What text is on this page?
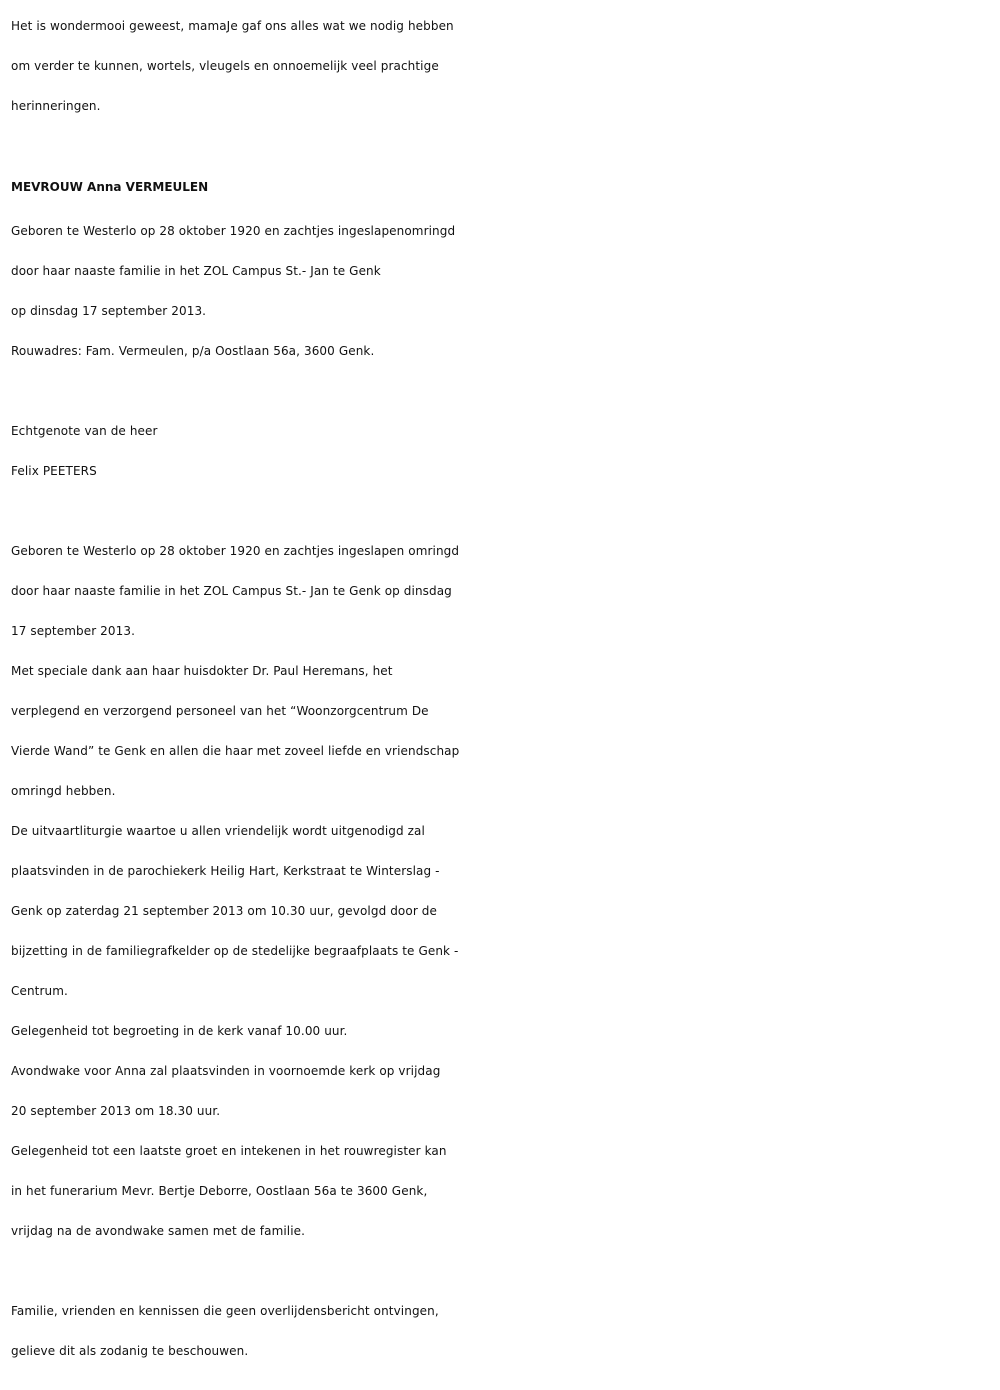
Het is wondermooi geweest, mamaJe gaf ons alles wat we nodig hebben
om verder te kunnen, wortels, vleugels en onnoemelijk veel prachtige
herinneringen.
MEVROUW Anna VERMEULEN
Geboren te Westerlo op 28 oktober 1920 en zachtjes ingeslapenomringd
door haar naaste familie in het ZOL Campus St.- Jan te Genk
op dinsdag 17 september 2013.
Rouwadres: Fam. Vermeulen, p/a Oostlaan 56a, 3600 Genk.
Echtgenote van de heer
Felix PEETERS
Geboren te Westerlo op 28 oktober 1920 en zachtjes ingeslapen omringd
door haar naaste familie in het ZOL Campus St.- Jan te Genk op dinsdag
17 september 2013.
Met speciale dank aan haar huisdokter Dr. Paul Heremans, het
verplegend en verzorgend personeel van het “Woonzorgcentrum De
Vierde Wand” te Genk en allen die haar met zoveel liefde en vriendschap
omringd hebben.
De uitvaartliturgie waartoe u allen vriendelijk wordt uitgenodigd zal
plaatsvinden in de parochiekerk Heilig Hart, Kerkstraat te Winterslag -
Genk op zaterdag 21 september 2013 om 10.30 uur, gevolgd door de
bijzetting in de familiegrafkelder op de stedelijke begraafplaats te Genk -
Centrum.
Gelegenheid tot begroeting in de kerk vanaf 10.00 uur.
Avondwake voor Anna zal plaatsvinden in voornoemde kerk op vrijdag
20 september 2013 om 18.30 uur.
Gelegenheid tot een laatste groet en intekenen in het rouwregister kan
in het funerarium Mevr. Bertje Deborre, Oostlaan 56a te 3600 Genk,
vrijdag na de avondwake samen met de familie.
Familie, vrienden en kennissen die geen overlijdensbericht ontvingen,
gelieve dit als zodanig te beschouwen.
